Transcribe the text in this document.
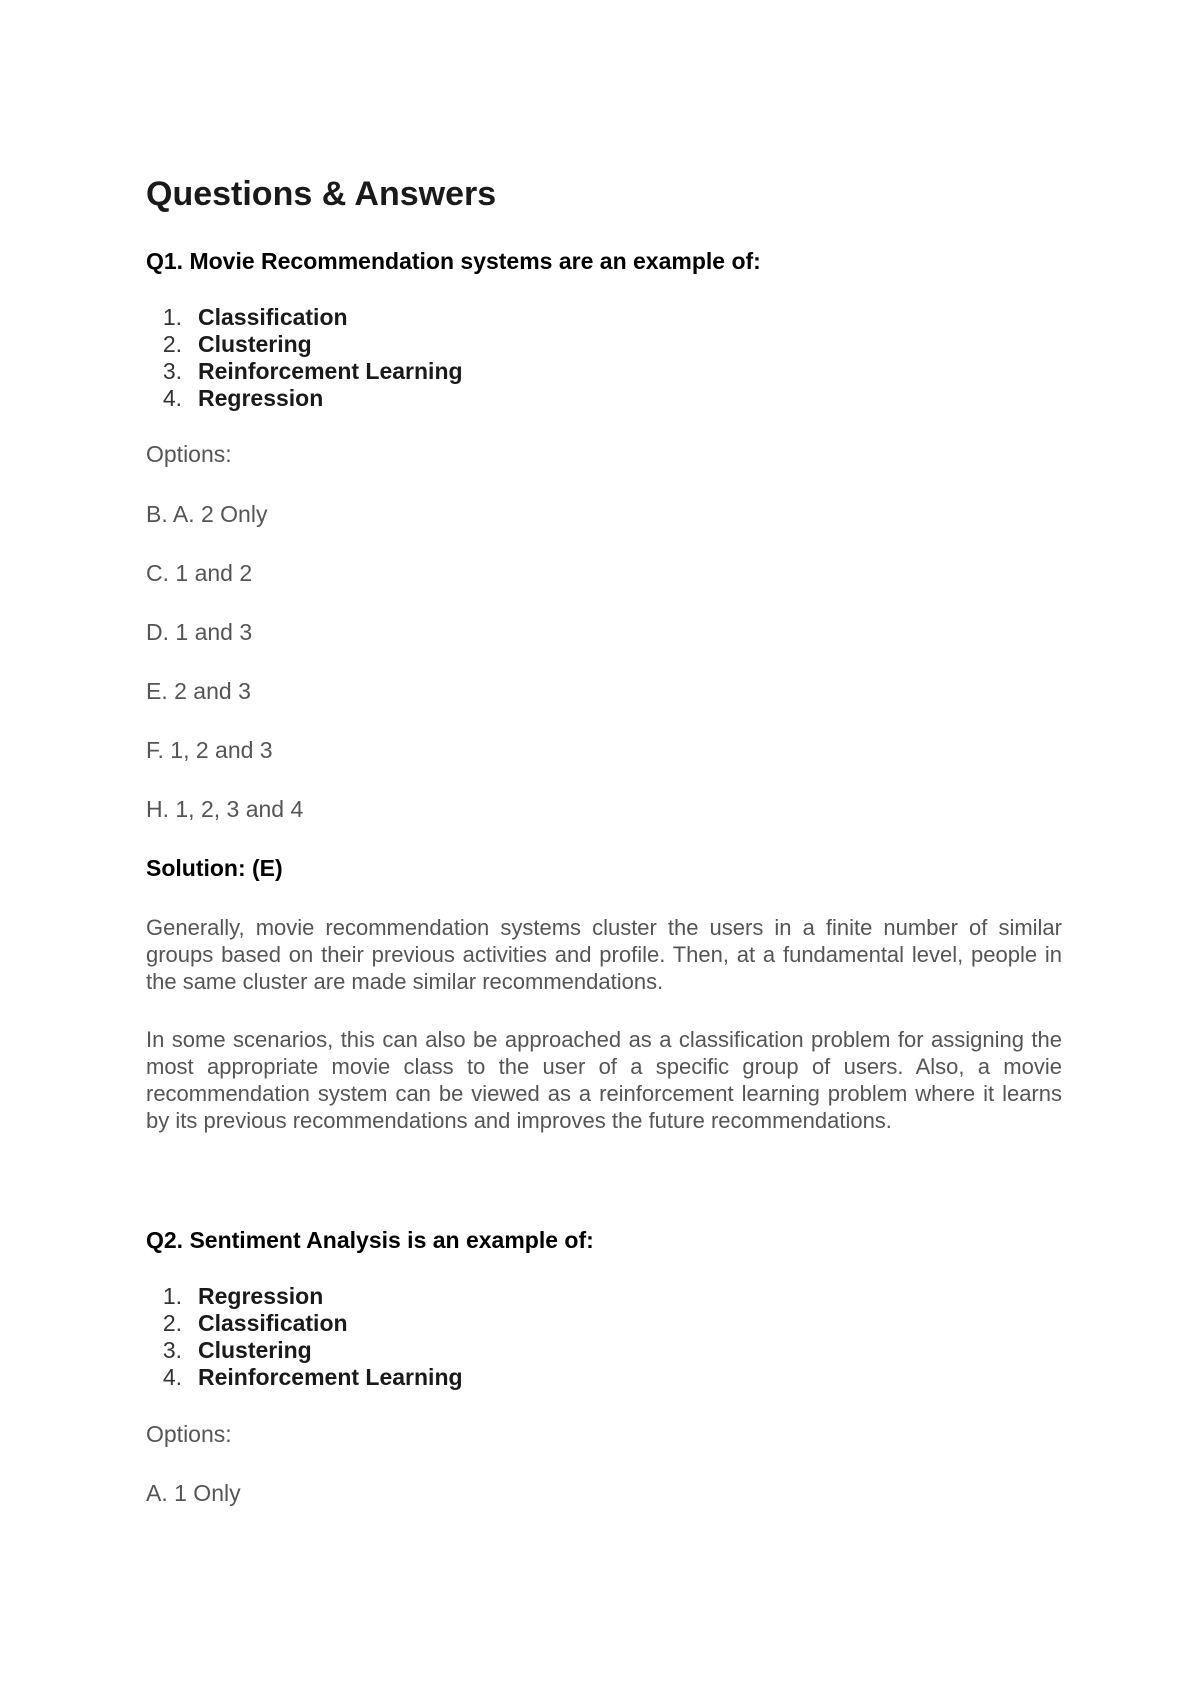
Questions & Answers

Q1. Movie Recommendation systems are an example of:

1. Classification
2. Clustering
3. Reinforcement Learning
4. Regression

Options:

B. A. 2 Only

C. 1 and 2

D. 1 and 3

E. 2 and 3

F. 1, 2 and 3

H. 1, 2, 3 and 4

Solution: (E)

Generally, movie recommendation systems cluster the users in a finite number of similar groups based on their previous activities and profile. Then, at a fundamental level, people in the same cluster are made similar recommendations.

In some scenarios, this can also be approached as a classification problem for assigning the most appropriate movie class to the user of a specific group of users. Also, a movie recommendation system can be viewed as a reinforcement learning problem where it learns by its previous recommendations and improves the future recommendations.

Q2. Sentiment Analysis is an example of:

1. Regression
2. Classification
3. Clustering
4. Reinforcement Learning

Options:

A. 1 Only
